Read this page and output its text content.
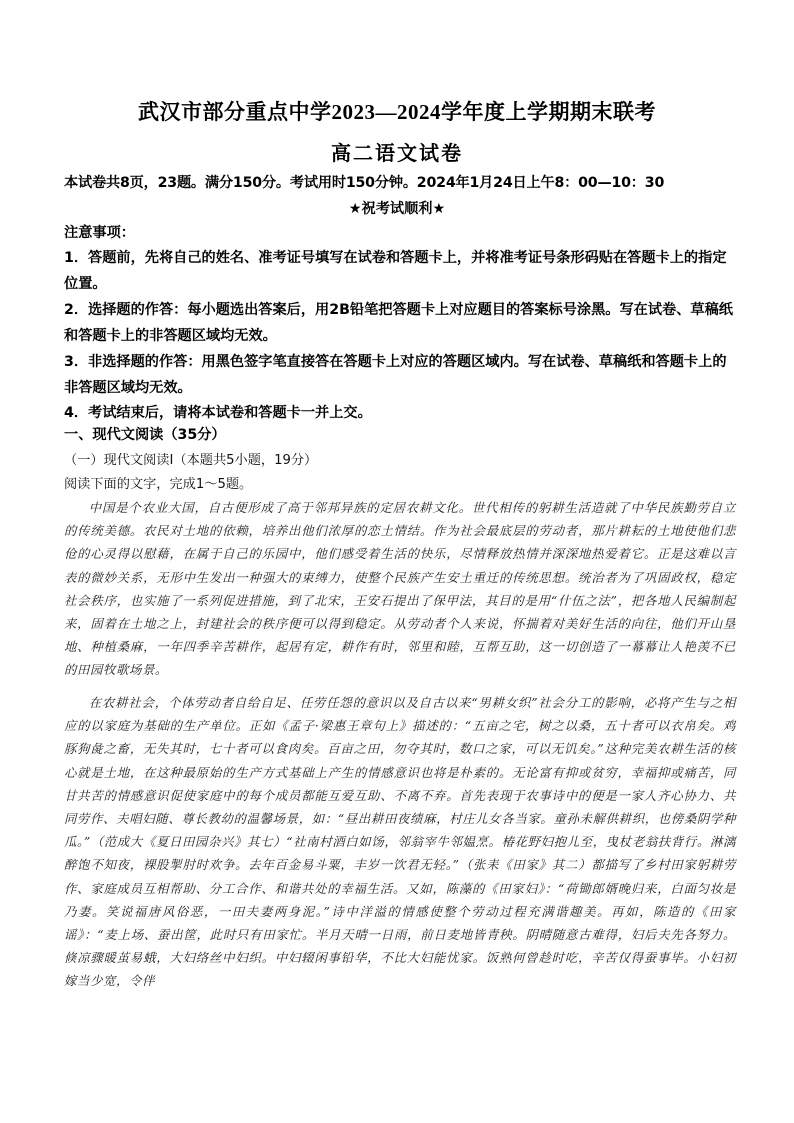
武汉市部分重点中学2023—2024学年度上学期期末联考
高二语文试卷
本试卷共8页，23题。满分150分。考试用时150分钟。2024年1月24日上午8：00—10：30
★祝考试顺利★
注意事项：
1．答题前，先将自己的姓名、准考证号填写在试卷和答题卡上，并将准考证号条形码贴在答题卡上的指定位置。
2．选择题的作答：每小题选出答案后，用2B铅笔把答题卡上对应题目的答案标号涂黑。写在试卷、草稿纸和答题卡上的非答题区域均无效。
3．非选择题的作答：用黑色签字笔直接答在答题卡上对应的答题区域内。写在试卷、草稿纸和答题卡上的非答题区域均无效。
4．考试结束后，请将本试卷和答题卡一并上交。
一、现代文阅读（35分）
（一）现代文阅读Ⅰ（本题共5小题，19分）
阅读下面的文字，完成1～5题。
中国是个农业大国，自古便形成了高于邻邦异族的定居农耕文化。世代相传的躬耕生活造就了中华民族勤劳自立的传统美德。农民对土地的依赖，培养出他们浓厚的恋土情结。作为社会最底层的劳动者，那片耕耘的土地使他们悲伧的心灵得以慰藉，在属于自己的乐园中，他们感受着生活的快乐，尽情释放热情并深深地热爱着它。正是这难以言表的微妙关系，无形中生发出一种强大的束缚力，使整个民族产生安土重迁的传统思想。统治者为了巩固政权，稳定社会秩序，也实施了一系列促进措施，到了北宋，王安石提出了保甲法，其目的是用“什伍之法”，把各地人民编制起来，固着在土地之上，封建社会的秩序便可以得到稳定。从劳动者个人来说，怀揣着对美好生活的向往，他们开山垦地、种植桑麻，一年四季辛苦耕作，起居有定，耕作有时，邻里和睦，互帮互助，这一切创造了一幕幕让人艳羡不已的田园牧歌场景。
在农耕社会，个体劳动者自给自足、任劳任怨的意识以及自古以来“男耕女织”社会分工的影响，必将产生与之相应的以家庭为基础的生产单位。正如《孟子·梁惠王章句上》描述的：“五亩之宅，树之以桑，五十者可以衣帛矣。鸡豚狗彘之畜，无失其时，七十者可以食肉矣。百亩之田，勿夺其时，数口之家，可以无饥矣。”这种完美农耕生活的核心就是土地，在这种最原始的生产方式基础上产生的情感意识也将是朴素的。无论富有抑或贫穷，幸福抑或痛苦，同甘共苦的情感意识促使家庭中的每个成员都能互爱互助、不离不弃。首先表现于农事诗中的便是一家人齐心协力、共同劳作、夫唱妇随、尊长教幼的温馨场景，如：“昼出耕田夜绩麻，村庄儿女各当家。童孙未解供耕织，也傍桑阴学种瓜。”（范成大《夏日田园杂兴》其七）“社南村酒白如饧，邻翁宰牛邻媪烹。椿花野妇抱儿至，曳杖老翁扶背行。淋漓醉饱不知夜，裸股掣肘时欢争。去年百金易斗粟，丰岁一饮君无轻。”（张耒《田家》其二）都描写了乡村田家躬耕劳作、家庭成员互相帮助、分工合作、和谐共处的幸福生活。又如，陈藻的《田家妇》：“荷锄郎婿晚归来，白面匀妆是乃妻。笑说福唐风俗恶，一田夫妻两身泥。”诗中洋溢的情感使整个劳动过程充满谐趣美。再如，陈造的《田家谣》：“麦上场、蚕出筐，此时只有田家忙。半月天晴一日雨，前日麦地皆青秧。阴晴随意古难得，妇后夫先各努力。倏凉骤暖茧易蛾，大妇络丝中妇织。中妇辍闲事铅华，不比大妇能忧家。饭熟何曾趁时吃，辛苦仅得蚕事毕。小妇初嫁当少宽，令伴
